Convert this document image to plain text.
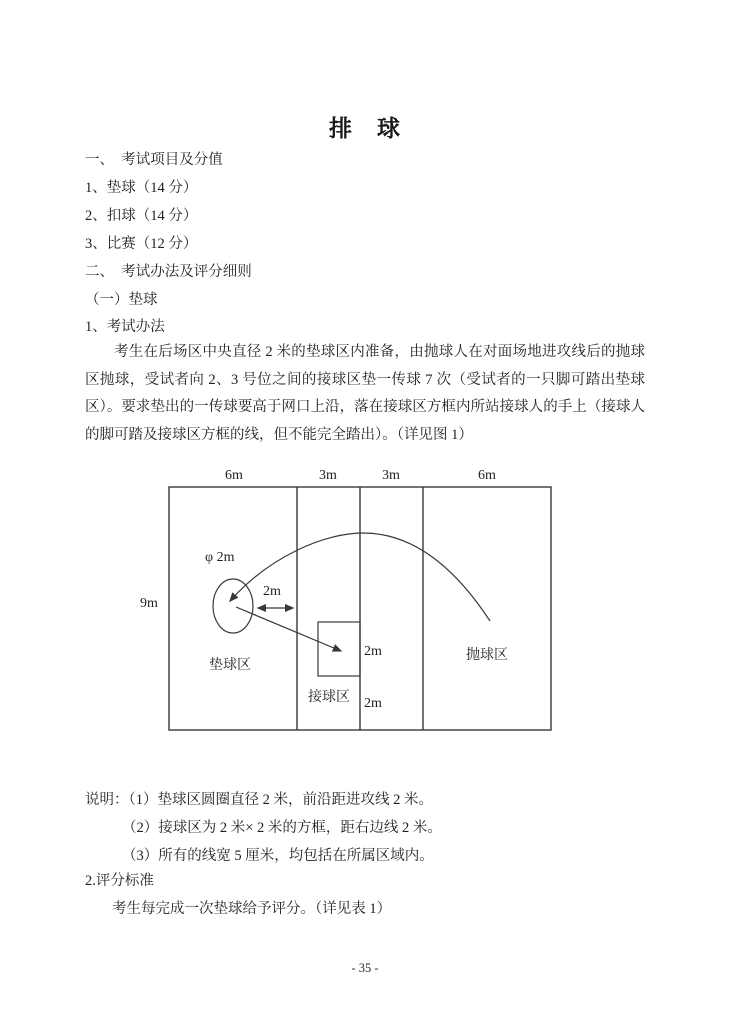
排　球
一、  考试项目及分值
1、垫球（14 分）
2、扣球（14 分）
3、比赛（12 分）
二、  考试办法及评分细则
（一）垫球
1、考试办法
考生在后场区中央直径 2 米的垫球区内准备，由抛球人在对面场地进攻线后的抛球区抛球，受试者向 2、3 号位之间的接球区垫一传球 7 次（受试者的一只脚可踏出垫球区）。要求垫出的一传球要高于网口上沿，落在接球区方框内所站接球人的手上（接球人的脚可踏及接球区方框的线，但不能完全踏出）。（详见图 1）
6m	3m	3m	6m
9m
φ 2m
2m
2m
2m
垫球区
接球区
抛球区
说明：（1）垫球区圆圈直径 2 米，前沿距进攻线 2 米。
（2）接球区为 2 米× 2 米的方框，距右边线 2 米。
（3）所有的线宽 5 厘米，均包括在所属区域内。
2.评分标准
考生每完成一次垫球给予评分。（详见表 1）
- 35 -
